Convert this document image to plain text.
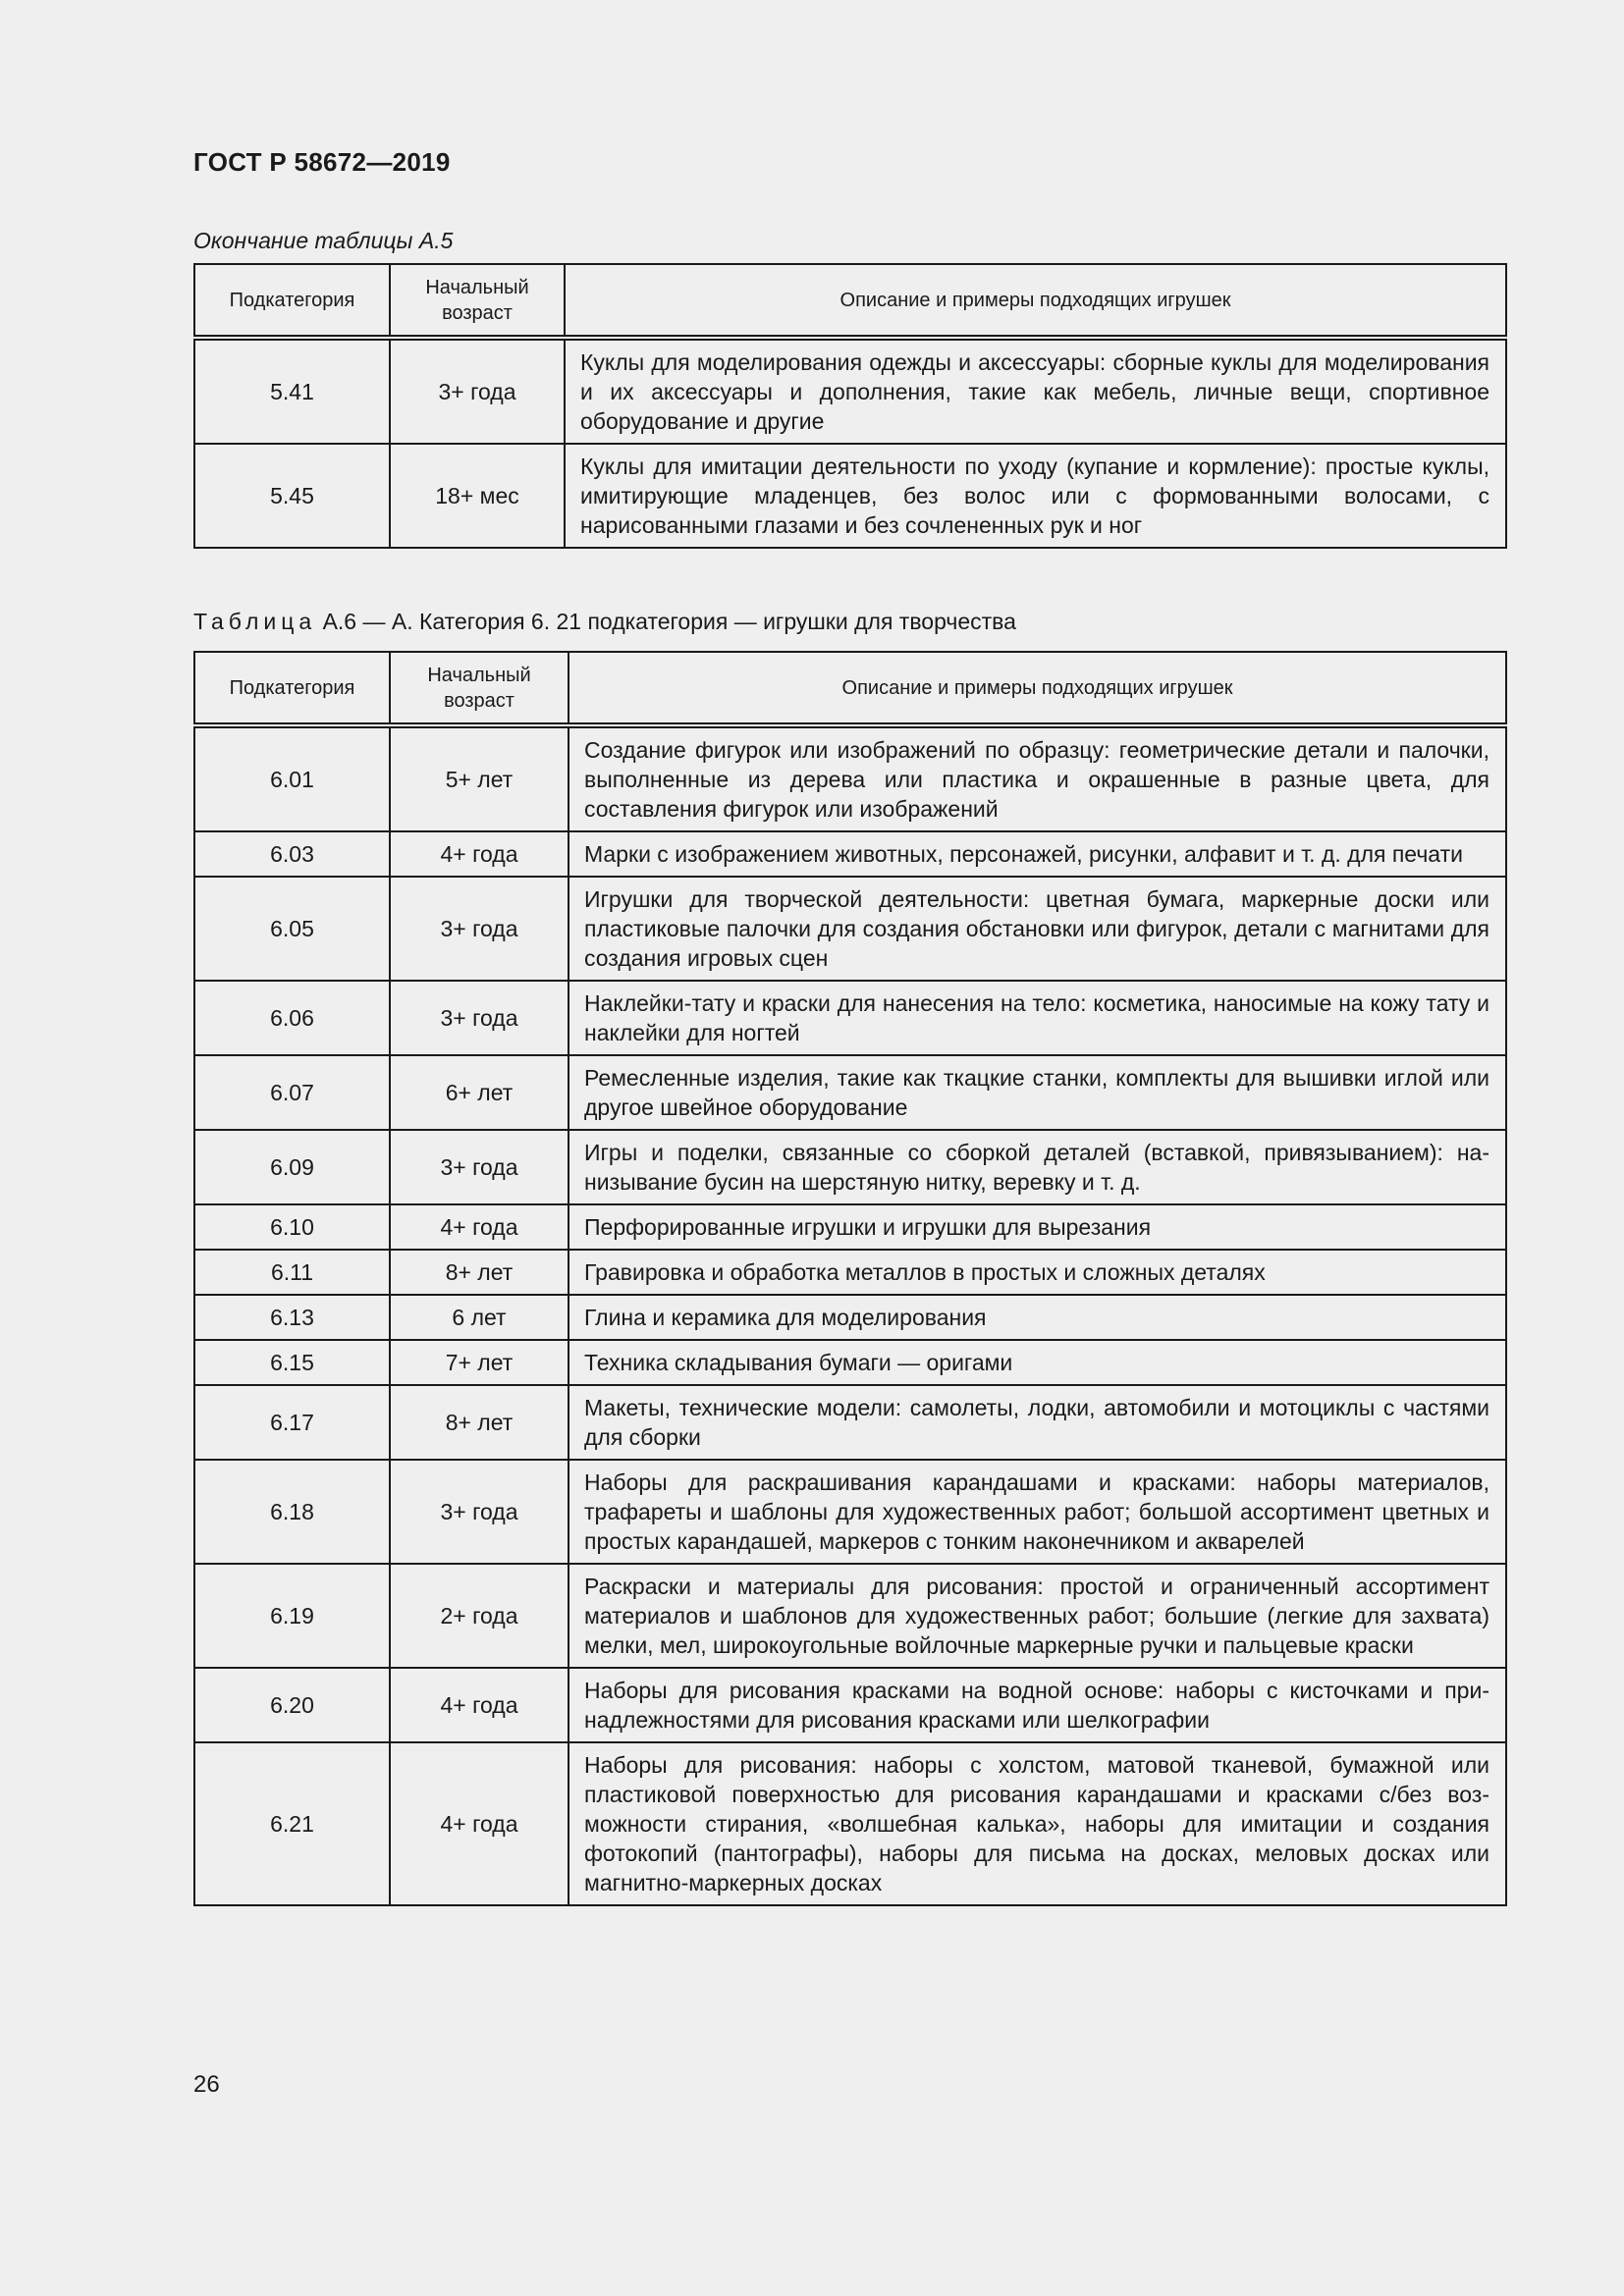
ГОСТ Р 58672—2019
Окончание таблицы А.5
Подкатегория	Начальный возраст	Описание и примеры подходящих игрушек
5.41	3+ года	Куклы для моделирования одежды и аксессуары: сборные куклы для моделирования и их аксессуары и дополнения, такие как мебель, личные вещи, спортивное оборудование и другие
5.45	18+ мес	Куклы для имитации деятельности по уходу (купание и кормление): простые куклы, имитирующие младенцев, без волос или с формованными волосами, с нарисованными глазами и без сочлененных рук и ног
Таблица А.6 — А. Категория 6. 21 подкатегория — игрушки для творчества
Подкатегория	Начальный возраст	Описание и примеры подходящих игрушек
6.01	5+ лет	Создание фигурок или изображений по образцу: геометрические детали и палочки, выполненные из дерева или пластика и окрашенные в разные цвета, для составления фигурок или изображений
6.03	4+ года	Марки с изображением животных, персонажей, рисунки, алфавит и т. д. для печати
6.05	3+ года	Игрушки для творческой деятельности: цветная бумага, маркерные доски или пластиковые палочки для создания обстановки или фигурок, детали с магнитами для создания игровых сцен
6.06	3+ года	Наклейки-тату и краски для нанесения на тело: косметика, наносимые на кожу тату и наклейки для ногтей
6.07	6+ лет	Ремесленные изделия, такие как ткацкие станки, комплекты для вышивки иглой или другое швейное оборудование
6.09	3+ года	Игры и поделки, связанные со сборкой деталей (вставкой, привязыванием): нанизывание бусин на шерстяную нитку, веревку и т. д.
6.10	4+ года	Перфорированные игрушки и игрушки для вырезания
6.11	8+ лет	Гравировка и обработка металлов в простых и сложных деталях
6.13	6 лет	Глина и керамика для моделирования
6.15	7+ лет	Техника складывания бумаги — оригами
6.17	8+ лет	Макеты, технические модели: самолеты, лодки, автомобили и мотоциклы с частями для сборки
6.18	3+ года	Наборы для раскрашивания карандашами и красками: наборы материалов, трафареты и шаблоны для художественных работ; большой ассортимент цветных и простых карандашей, маркеров с тонким наконечником и акварелей
6.19	2+ года	Раскраски и материалы для рисования: простой и ограниченный ассортимент материалов и шаблонов для художественных работ; большие (легкие для захвата) мелки, мел, широкоугольные войлочные маркерные ручки и пальцевые краски
6.20	4+ года	Наборы для рисования красками на водной основе: наборы с кисточками и принадлежностями для рисования красками или шелкографии
6.21	4+ года	Наборы для рисования: наборы с холстом, матовой тканевой, бумажной или пластиковой поверхностью для рисования карандашами и красками с/без возможности стирания, «волшебная калька», наборы для имитации и создания фотокопий (пантографы), наборы для письма на досках, меловых досках или магнитно-маркерных досках
26
